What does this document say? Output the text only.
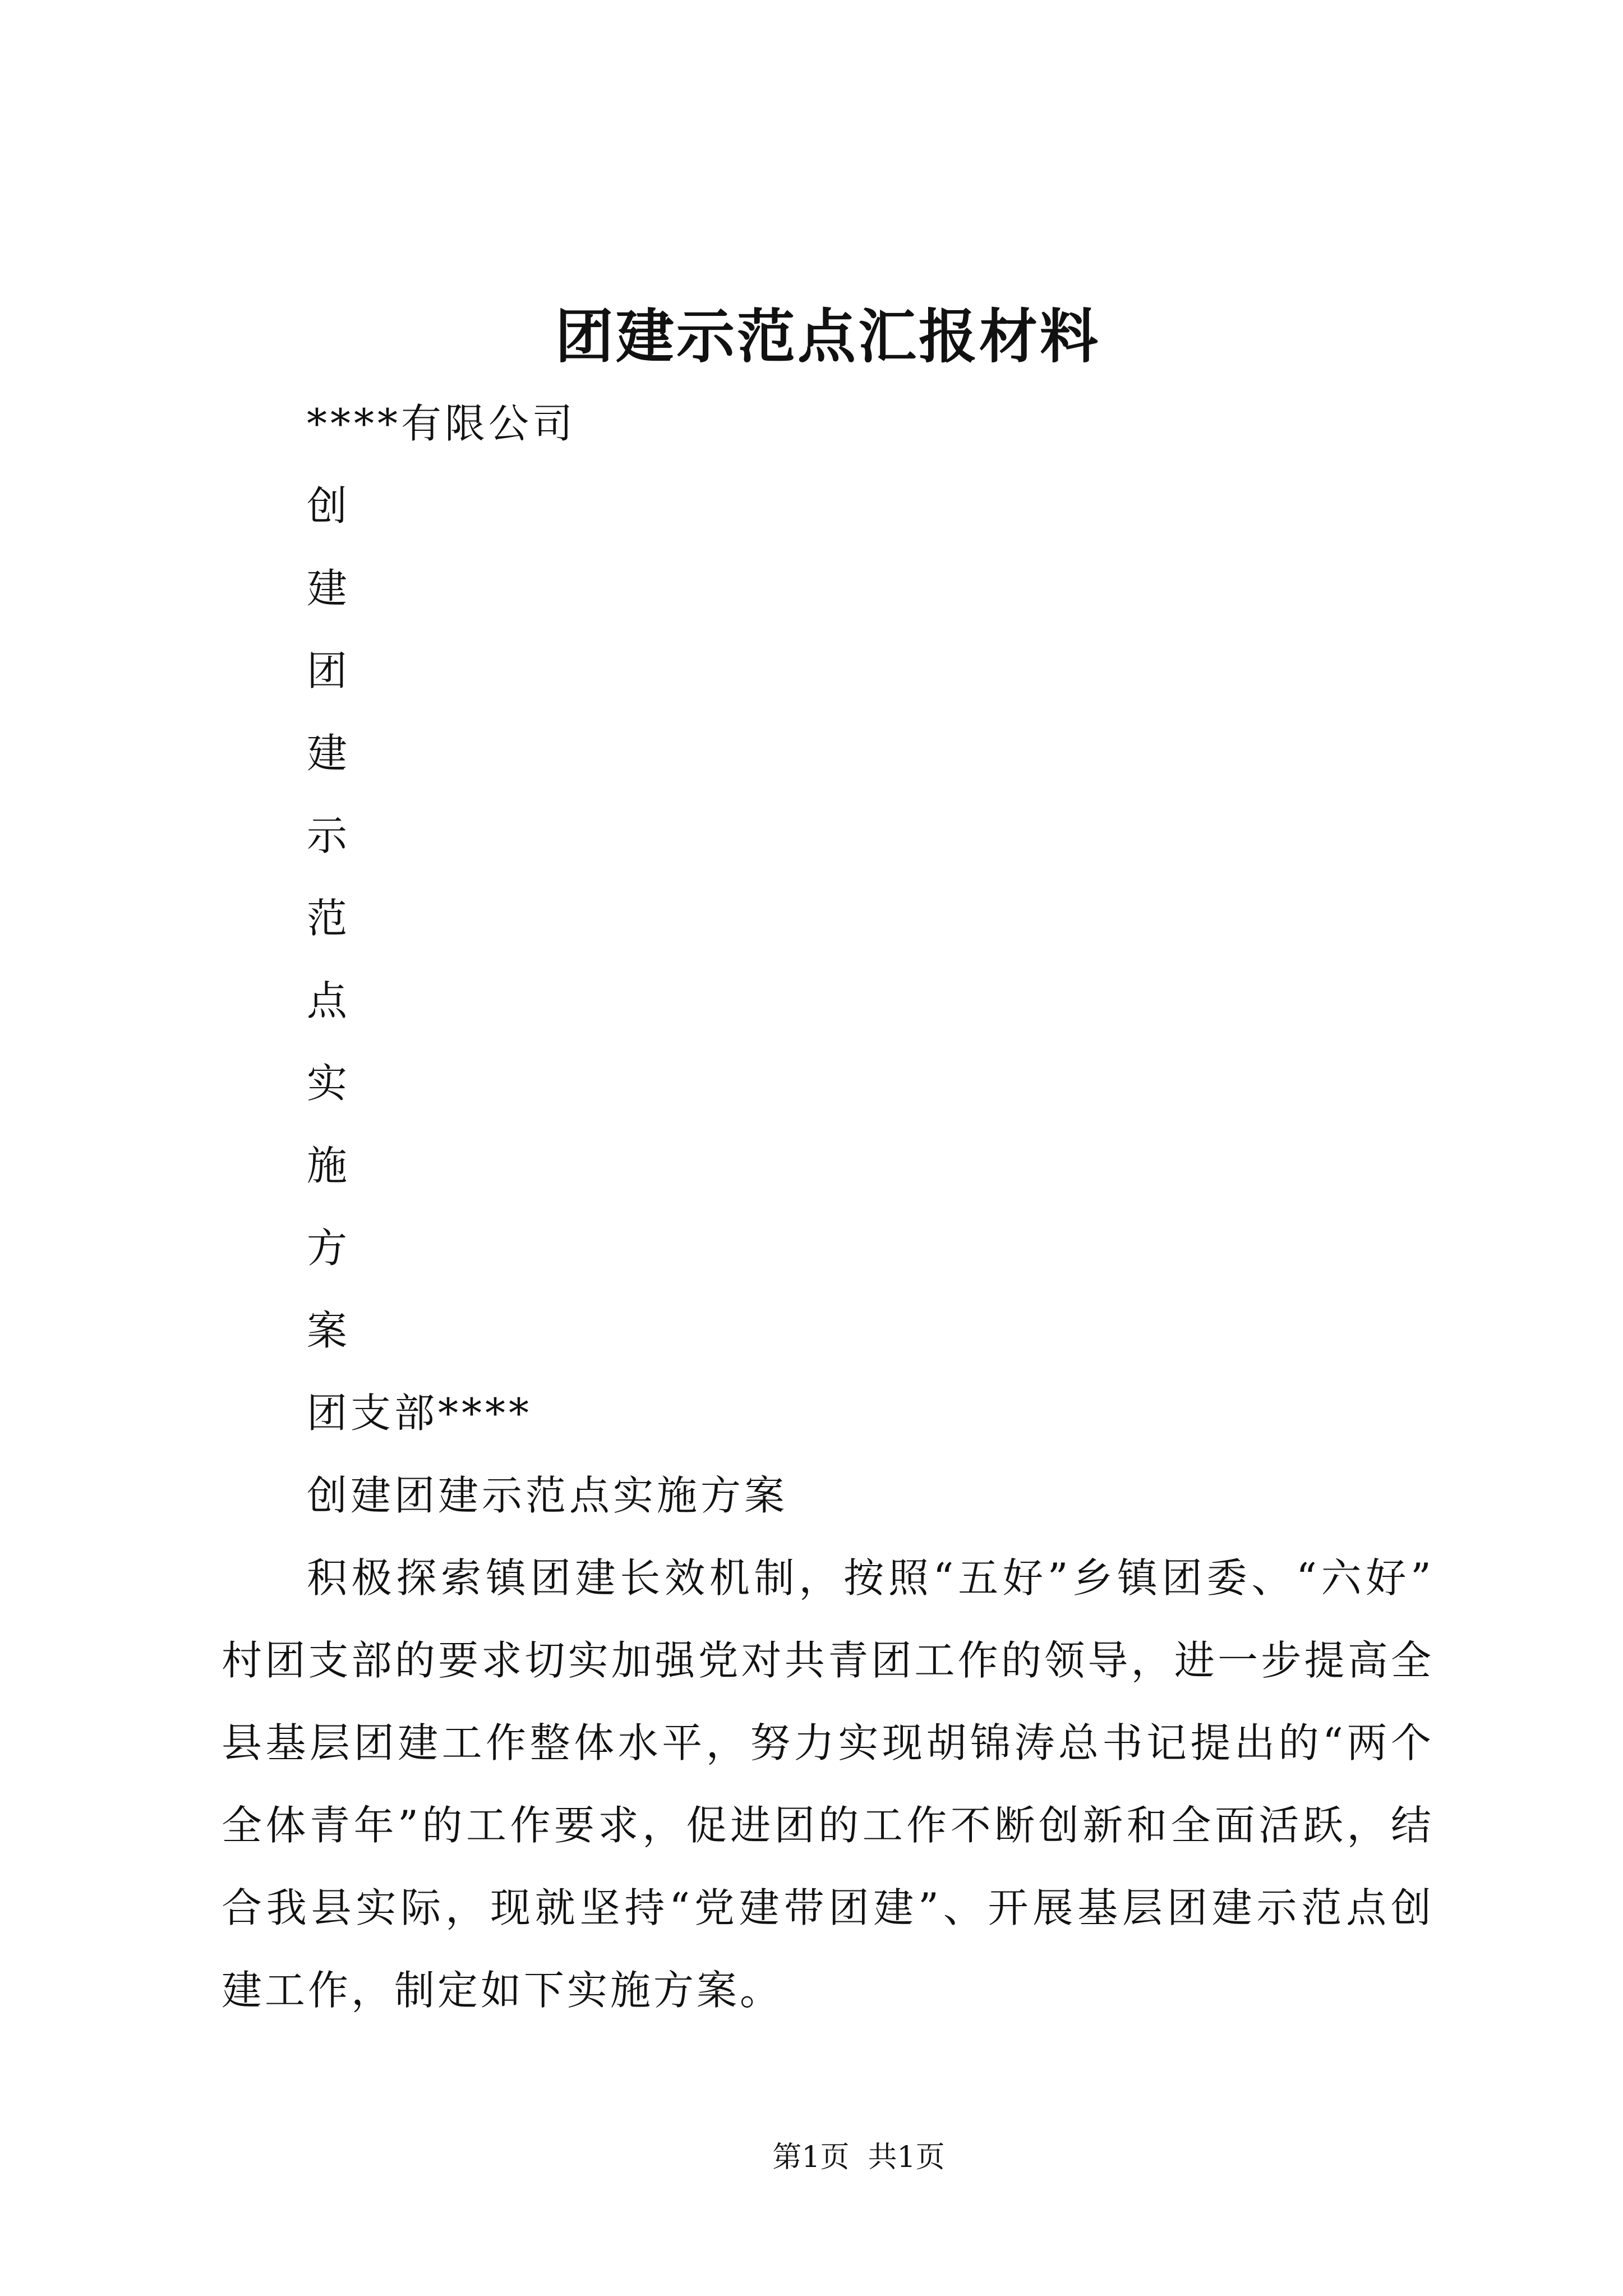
团建示范点汇报材料
****有限公司
创
建
团
建
示
范
点
实
施
方
案
团支部****
创建团建示范点实施方案
积极探索镇团建长效机制，按照“五好”乡镇团委、“六好”
村团支部的要求切实加强党对共青团工作的领导，进一步提高全
县基层团建工作整体水平，努力实现胡锦涛总书记提出的“两个
全体青年”的工作要求，促进团的工作不断创新和全面活跃，结
合我县实际，现就坚持“党建带团建”、开展基层团建示范点创
建工作，制定如下实施方案。
第1页  共1页
